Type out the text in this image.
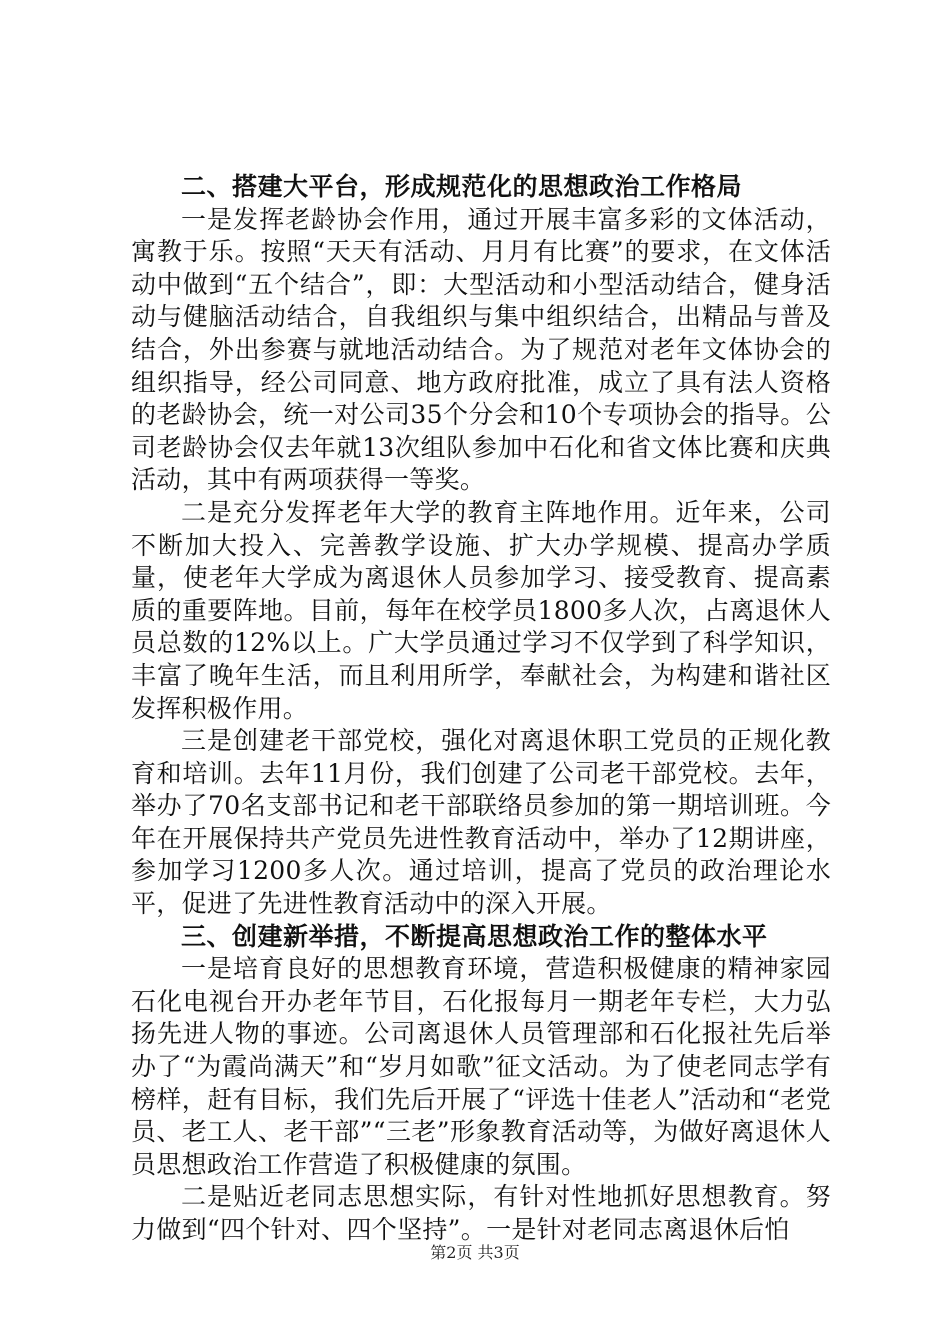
二、搭建大平台，形成规范化的思想政治工作格局

一是发挥老龄协会作用，通过开展丰富多彩的文体活动，寓教于乐。按照“天天有活动、月月有比赛”的要求，在文体活动中做到“五个结合”，即：大型活动和小型活动结合，健身活动与健脑活动结合，自我组织与集中组织结合，出精品与普及结合，外出参赛与就地活动结合。为了规范对老年文体协会的组织指导，经公司同意、地方政府批准，成立了具有法人资格的老龄协会，统一对公司35个分会和10个专项协会的指导。公司老龄协会仅去年就13次组队参加中石化和省文体比赛和庆典活动，其中有两项获得一等奖。

二是充分发挥老年大学的教育主阵地作用。近年来，公司不断加大投入、完善教学设施、扩大办学规模、提高办学质量，使老年大学成为离退休人员参加学习、接受教育、提高素质的重要阵地。目前，每年在校学员1800多人次，占离退休人员总数的12%以上。广大学员通过学习不仅学到了科学知识，丰富了晚年生活，而且利用所学，奉献社会，为构建和谐社区发挥积极作用。

三是创建老干部党校，强化对离退休职工党员的正规化教育和培训。去年11月份，我们创建了公司老干部党校。去年，举办了70名支部书记和老干部联络员参加的第一期培训班。今年在开展保持共产党员先进性教育活动中，举办了12期讲座，参加学习1200多人次。通过培训，提高了党员的政治理论水平，促进了先进性教育活动中的深入开展。

三、创建新举措，不断提高思想政治工作的整体水平

一是培育良好的思想教育环境，营造积极健康的精神家园石化电视台开办老年节目，石化报每月一期老年专栏，大力弘扬先进人物的事迹。公司离退休人员管理部和石化报社先后举办了“为霞尚满天”和“岁月如歌”征文活动。为了使老同志学有榜样，赶有目标，我们先后开展了“评选十佳老人”活动和“老党员、老工人、老干部”“三老”形象教育活动等，为做好离退休人员思想政治工作营造了积极健康的氛围。

二是贴近老同志思想实际，有针对性地抓好思想教育。努力做到“四个针对、四个坚持”。一是针对老同志离退休后怕

第2页 共3页
